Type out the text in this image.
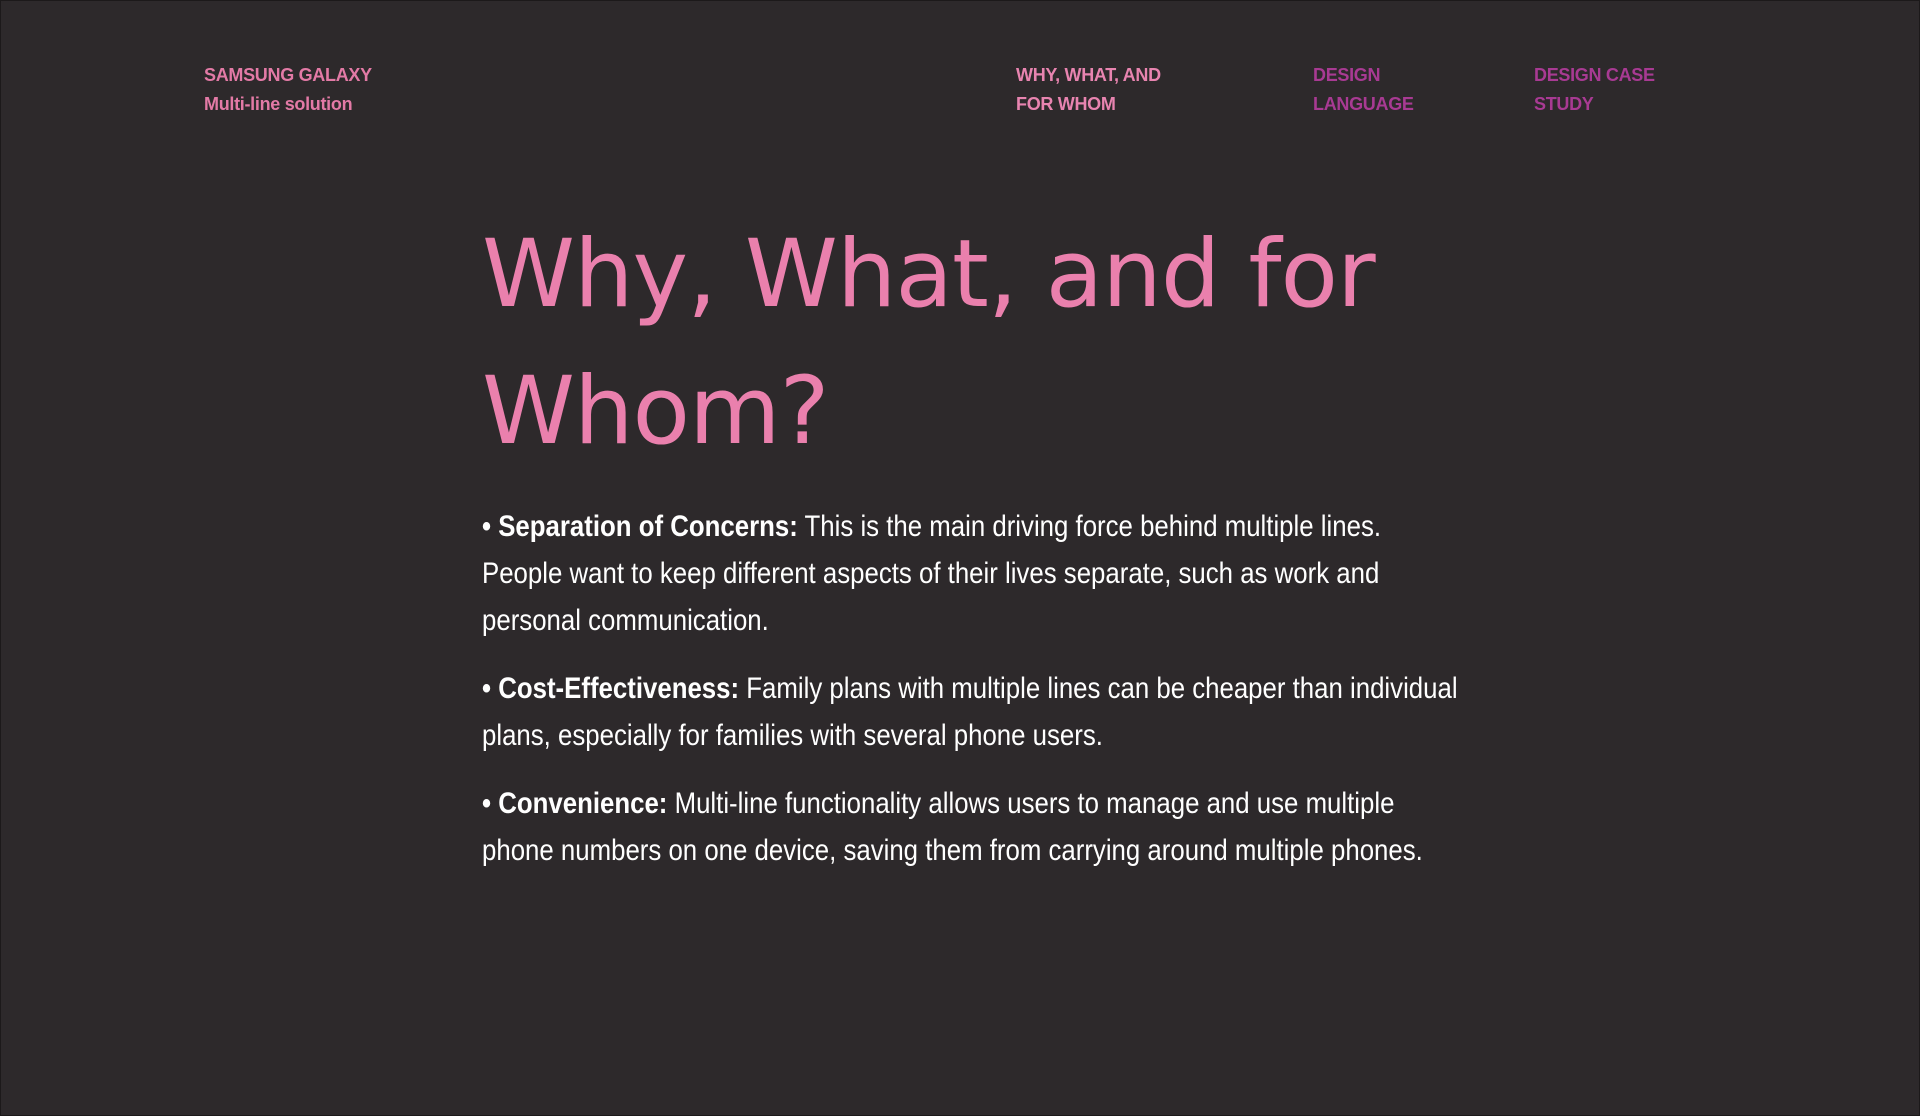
SAMSUNG GALAXY
Multi-line solution
WHY, WHAT, AND
FOR WHOM
DESIGN
LANGUAGE
DESIGN CASE
STUDY
Why, What, and for Whom?
• Separation of Concerns: This is the main driving force behind multiple lines. People want to keep different aspects of their lives separate, such as work and personal communication.
• Cost-Effectiveness: Family plans with multiple lines can be cheaper than individual plans, especially for families with several phone users.
• Convenience: Multi-line functionality allows users to manage and use multiple phone numbers on one device, saving them from carrying around multiple phones.
